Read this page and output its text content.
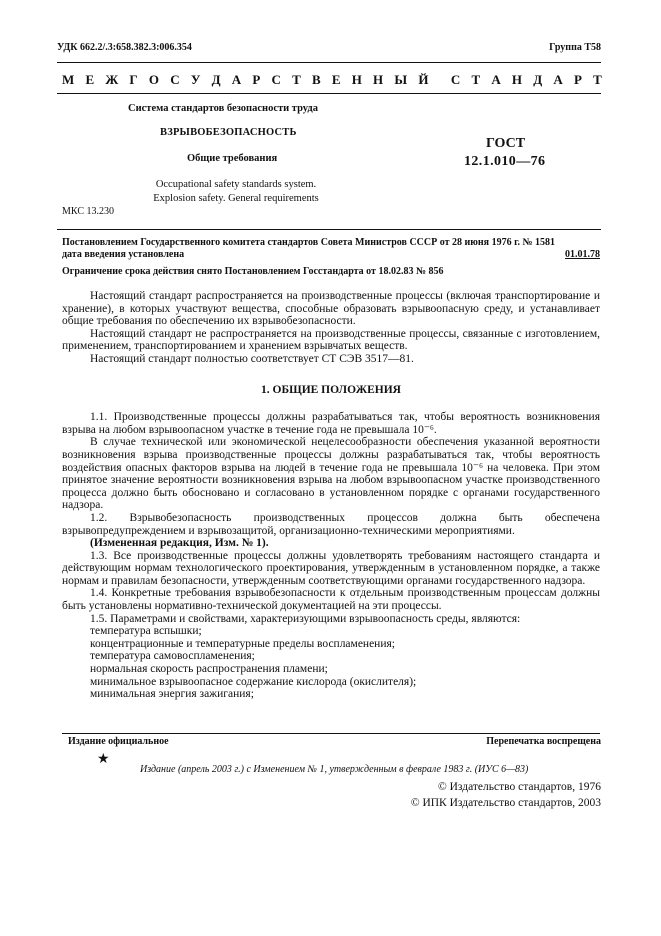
УДК 662.2/.3:658.382.3:006.354	Группа Т58
М Е Ж Г О С У Д А Р С Т В Е Н Н Ы Й С Т А Н Д А Р Т
Система стандартов безопасности труда
ВЗРЫВОБЕЗОПАСНОСТЬ
Общие требования
ГОСТ
12.1.010—76
Occupational safety standards system.
Explosion safety. General requirements
МКС 13.230
Постановлением Государственного комитета стандартов Совета Министров СССР от 28 июня 1976 г. № 1581
дата введения установлена	01.01.78
Ограничение срока действия снято Постановлением Госстандарта от 18.02.83 № 856

Настоящий стандарт распространяется на производственные процессы (включая транспортирование и хранение), в которых участвуют вещества, способные образовать взрывоопасную среду, и устанавливает общие требования по обеспечению их взрывобезопасности.

Настоящий стандарт не распространяется на производственные процессы, связанные с изготовлением, применением, транспортированием и хранением взрывчатых веществ.

Настоящий стандарт полностью соответствует СТ СЭВ 3517—81.

1. ОБЩИЕ ПОЛОЖЕНИЯ

1.1. Производственные процессы должны разрабатываться так, чтобы вероятность возникновения взрыва на любом взрывоопасном участке в течение года не превышала 10⁻⁶.

В случае технической или экономической нецелесообразности обеспечения указанной вероятности возникновения взрыва производственные процессы должны разрабатываться так, чтобы вероятность воздействия опасных факторов взрыва на людей в течение года не превышала 10⁻⁶ на человека. При этом принятое значение вероятности возникновения взрыва на любом взрывоопасном участке производственного процесса должно быть обосновано и согласовано в установленном порядке с органами государственного надзора.

1.2. Взрывобезопасность производственных процессов должна быть обеспечена взрывопредупреждением и взрывозащитой, организационно-техническими мероприятиями.

(Измененная редакция, Изм. № 1).

1.3. Все производственные процессы должны удовлетворять требованиям настоящего стандарта и действующим нормам технологического проектирования, утвержденным в установленном порядке, а также нормам и правилам безопасности, утвержденным соответствующими органами государственного надзора.

1.4. Конкретные требования взрывобезопасности к отдельным производственным процессам должны быть установлены нормативно-технической документацией на эти процессы.

1.5. Параметрами и свойствами, характеризующими взрывоопасность среды, являются:

температура вспышки;

концентрационные и температурные пределы воспламенения;

температура самовоспламенения;

нормальная скорость распространения пламени;

минимальное взрывоопасное содержание кислорода (окислителя);

минимальная энергия зажигания;

Издание официальное	Перепечатка воспрещена
★
Издание (апрель 2003 г.) с Изменением № 1, утвержденным в феврале 1983 г. (ИУС 6—83)
© Издательство стандартов, 1976
© ИПК Издательство стандартов, 2003
